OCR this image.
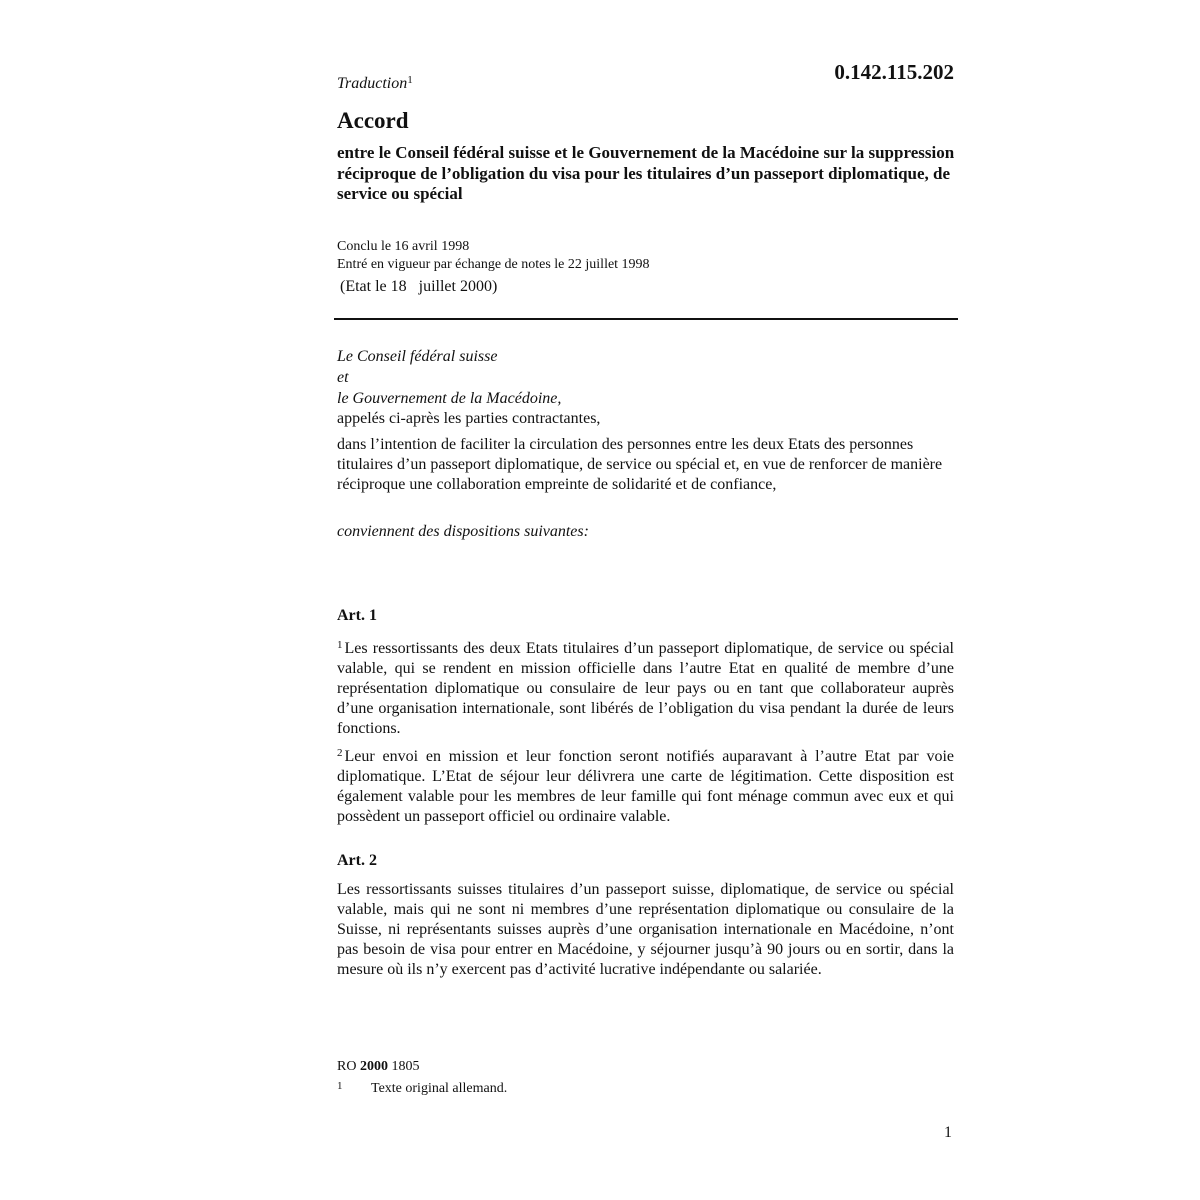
Traduction$^1$	0.142.115.202
Accord
entre le Conseil fédéral suisse et le Gouvernement de la Macédoine sur la suppression réciproque de l’obligation du visa pour les titulaires d’un passeport diplomatique, de service ou spécial
Conclu le 16 avril 1998
Entré en vigueur par échange de notes le 22 juillet 1998
(Etat le 18   juillet 2000)
Le Conseil fédéral suisse
et
le Gouvernement de la Macédoine,
appelés ci-après les parties contractantes,
dans l’intention de faciliter la circulation des personnes entre les deux Etats des personnes titulaires d’un passeport diplomatique, de service ou spécial et, en vue de renforcer de manière réciproque une collaboration empreinte de solidarité et de confiance,
conviennent des dispositions suivantes:
Art. 1
$^1$ Les ressortissants des deux Etats titulaires d’un passeport diplomatique, de service ou spécial valable, qui se rendent en mission officielle dans l’autre Etat en qualité de membre d’une représentation diplomatique ou consulaire de leur pays ou en tant que collaborateur auprès d’une organisation internationale, sont libérés de l’obligation du visa pendant la durée de leurs fonctions.
$^2$ Leur envoi en mission et leur fonction seront notifiés auparavant à l’autre Etat par voie diplomatique. L’Etat de séjour leur délivrera une carte de légitimation. Cette disposition est également valable pour les membres de leur famille qui font ménage commun avec eux et qui possèdent un passeport officiel ou ordinaire valable.
Art. 2
Les ressortissants suisses titulaires d’un passeport suisse, diplomatique, de service ou spécial valable, mais qui ne sont ni membres d’une représentation diplomatique ou consulaire de la Suisse, ni représentants suisses auprès d’une organisation internationale en Macédoine, n’ont pas besoin de visa pour entrer en Macédoine, y séjourner jusqu’à 90 jours ou en sortir, dans la mesure où ils n’y exercent pas d’activité lucrative indépendante ou salariée.
RO 2000 1805
1 Texte original allemand.
1
